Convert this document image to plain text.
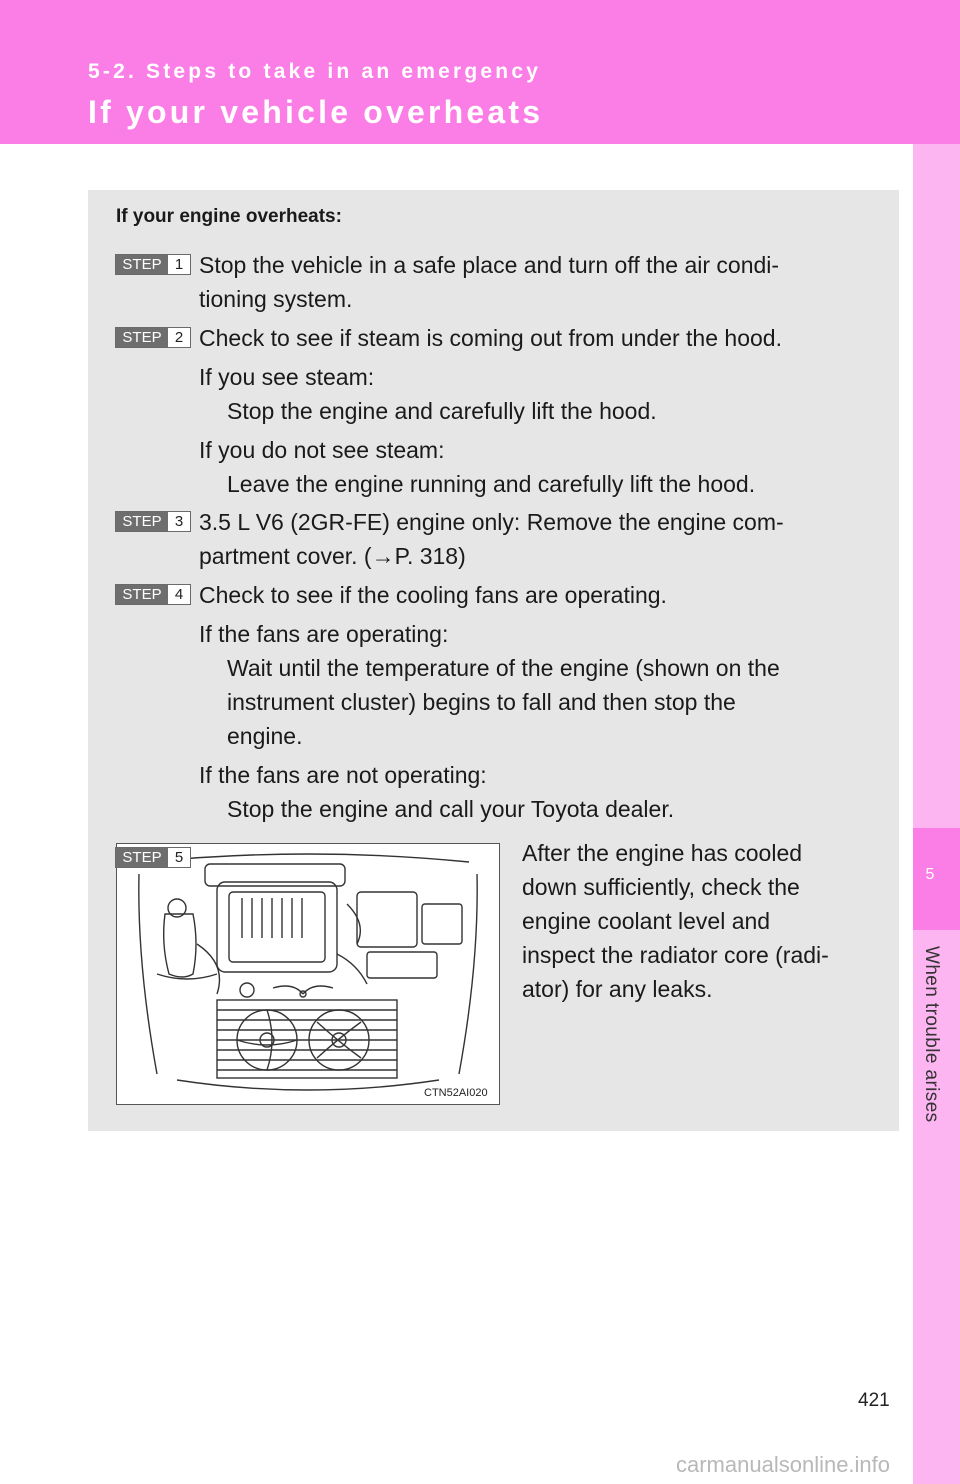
5-2. Steps to take in an emergency
If your vehicle overheats
5
When trouble arises
If your engine overheats:
STEP 1 Stop the vehicle in a safe place and turn off the air condi-
tioning system.
STEP 2 Check to see if steam is coming out from under the hood.
If you see steam:
Stop the engine and carefully lift the hood.
If you do not see steam:
Leave the engine running and carefully lift the hood.
STEP 3 3.5 L V6 (2GR-FE) engine only: Remove the engine com-
partment cover. (→P. 318)
STEP 4 Check to see if the cooling fans are operating.
If the fans are operating:
Wait until the temperature of the engine (shown on the
instrument cluster) begins to fall and then stop the
engine.
If the fans are not operating:
Stop the engine and call your Toyota dealer.
CTN52AI020
STEP 5	After the engine has cooled
down sufficiently, check the
engine coolant level and
inspect the radiator core (radi-
ator) for any leaks.
421
carmanualsonline.info
